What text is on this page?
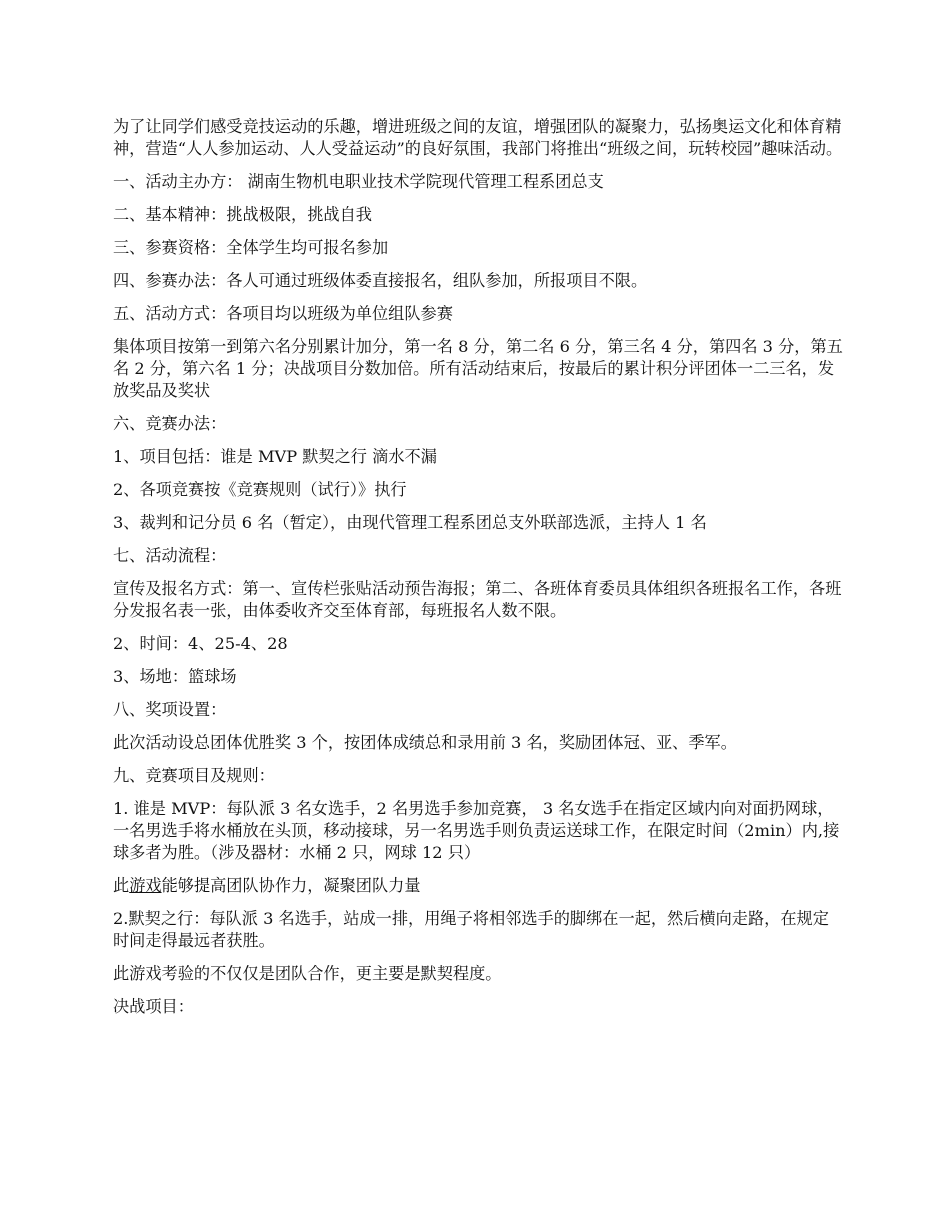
为了让同学们感受竞技运动的乐趣，增进班级之间的友谊，增强团队的凝聚力，弘扬奥运文化和体育精神，营造“人人参加运动、人人受益运动”的良好氛围，我部门将推出“班级之间，玩转校园”趣味活动。

一、活动主办方： 湖南生物机电职业技术学院现代管理工程系团总支

二、基本精神：挑战极限，挑战自我

三、参赛资格：全体学生均可报名参加

四、参赛办法：各人可通过班级体委直接报名，组队参加，所报项目不限。

五、活动方式：各项目均以班级为单位组队参赛

集体项目按第一到第六名分别累计加分，第一名 8 分，第二名 6 分，第三名 4 分，第四名 3 分，第五名 2 分，第六名 1 分；决战项目分数加倍。所有活动结束后，按最后的累计积分评团体一二三名，发放奖品及奖状

六、竞赛办法：

1、项目包括：谁是 MVP 默契之行 滴水不漏

2、各项竞赛按《竞赛规则（试行）》执行

3、裁判和记分员 6 名（暂定），由现代管理工程系团总支外联部选派，主持人 1 名

七、活动流程：

宣传及报名方式：第一、宣传栏张贴活动预告海报；第二、各班体育委员具体组织各班报名工作，各班分发报名表一张，由体委收齐交至体育部，每班报名人数不限。

2、时间：4、25-4、28

3、场地：篮球场

八、奖项设置：

此次活动设总团体优胜奖 3 个，按团体成绩总和录用前 3 名，奖励团体冠、亚、季军。

九、竞赛项目及规则：

1. 谁是 MVP：每队派 3 名女选手，2 名男选手参加竞赛， 3 名女选手在指定区域内向对面扔网球，一名男选手将水桶放在头顶，移动接球，另一名男选手则负责运送球工作，在限定时间（2min）内,接球多者为胜。（涉及器材：水桶 2 只，网球 12 只）

此游戏能够提高团队协作力，凝聚团队力量

2.默契之行：每队派 3 名选手，站成一排，用绳子将相邻选手的脚绑在一起，然后横向走路，在规定时间走得最远者获胜。

此游戏考验的不仅仅是团队合作，更主要是默契程度。

决战项目：
